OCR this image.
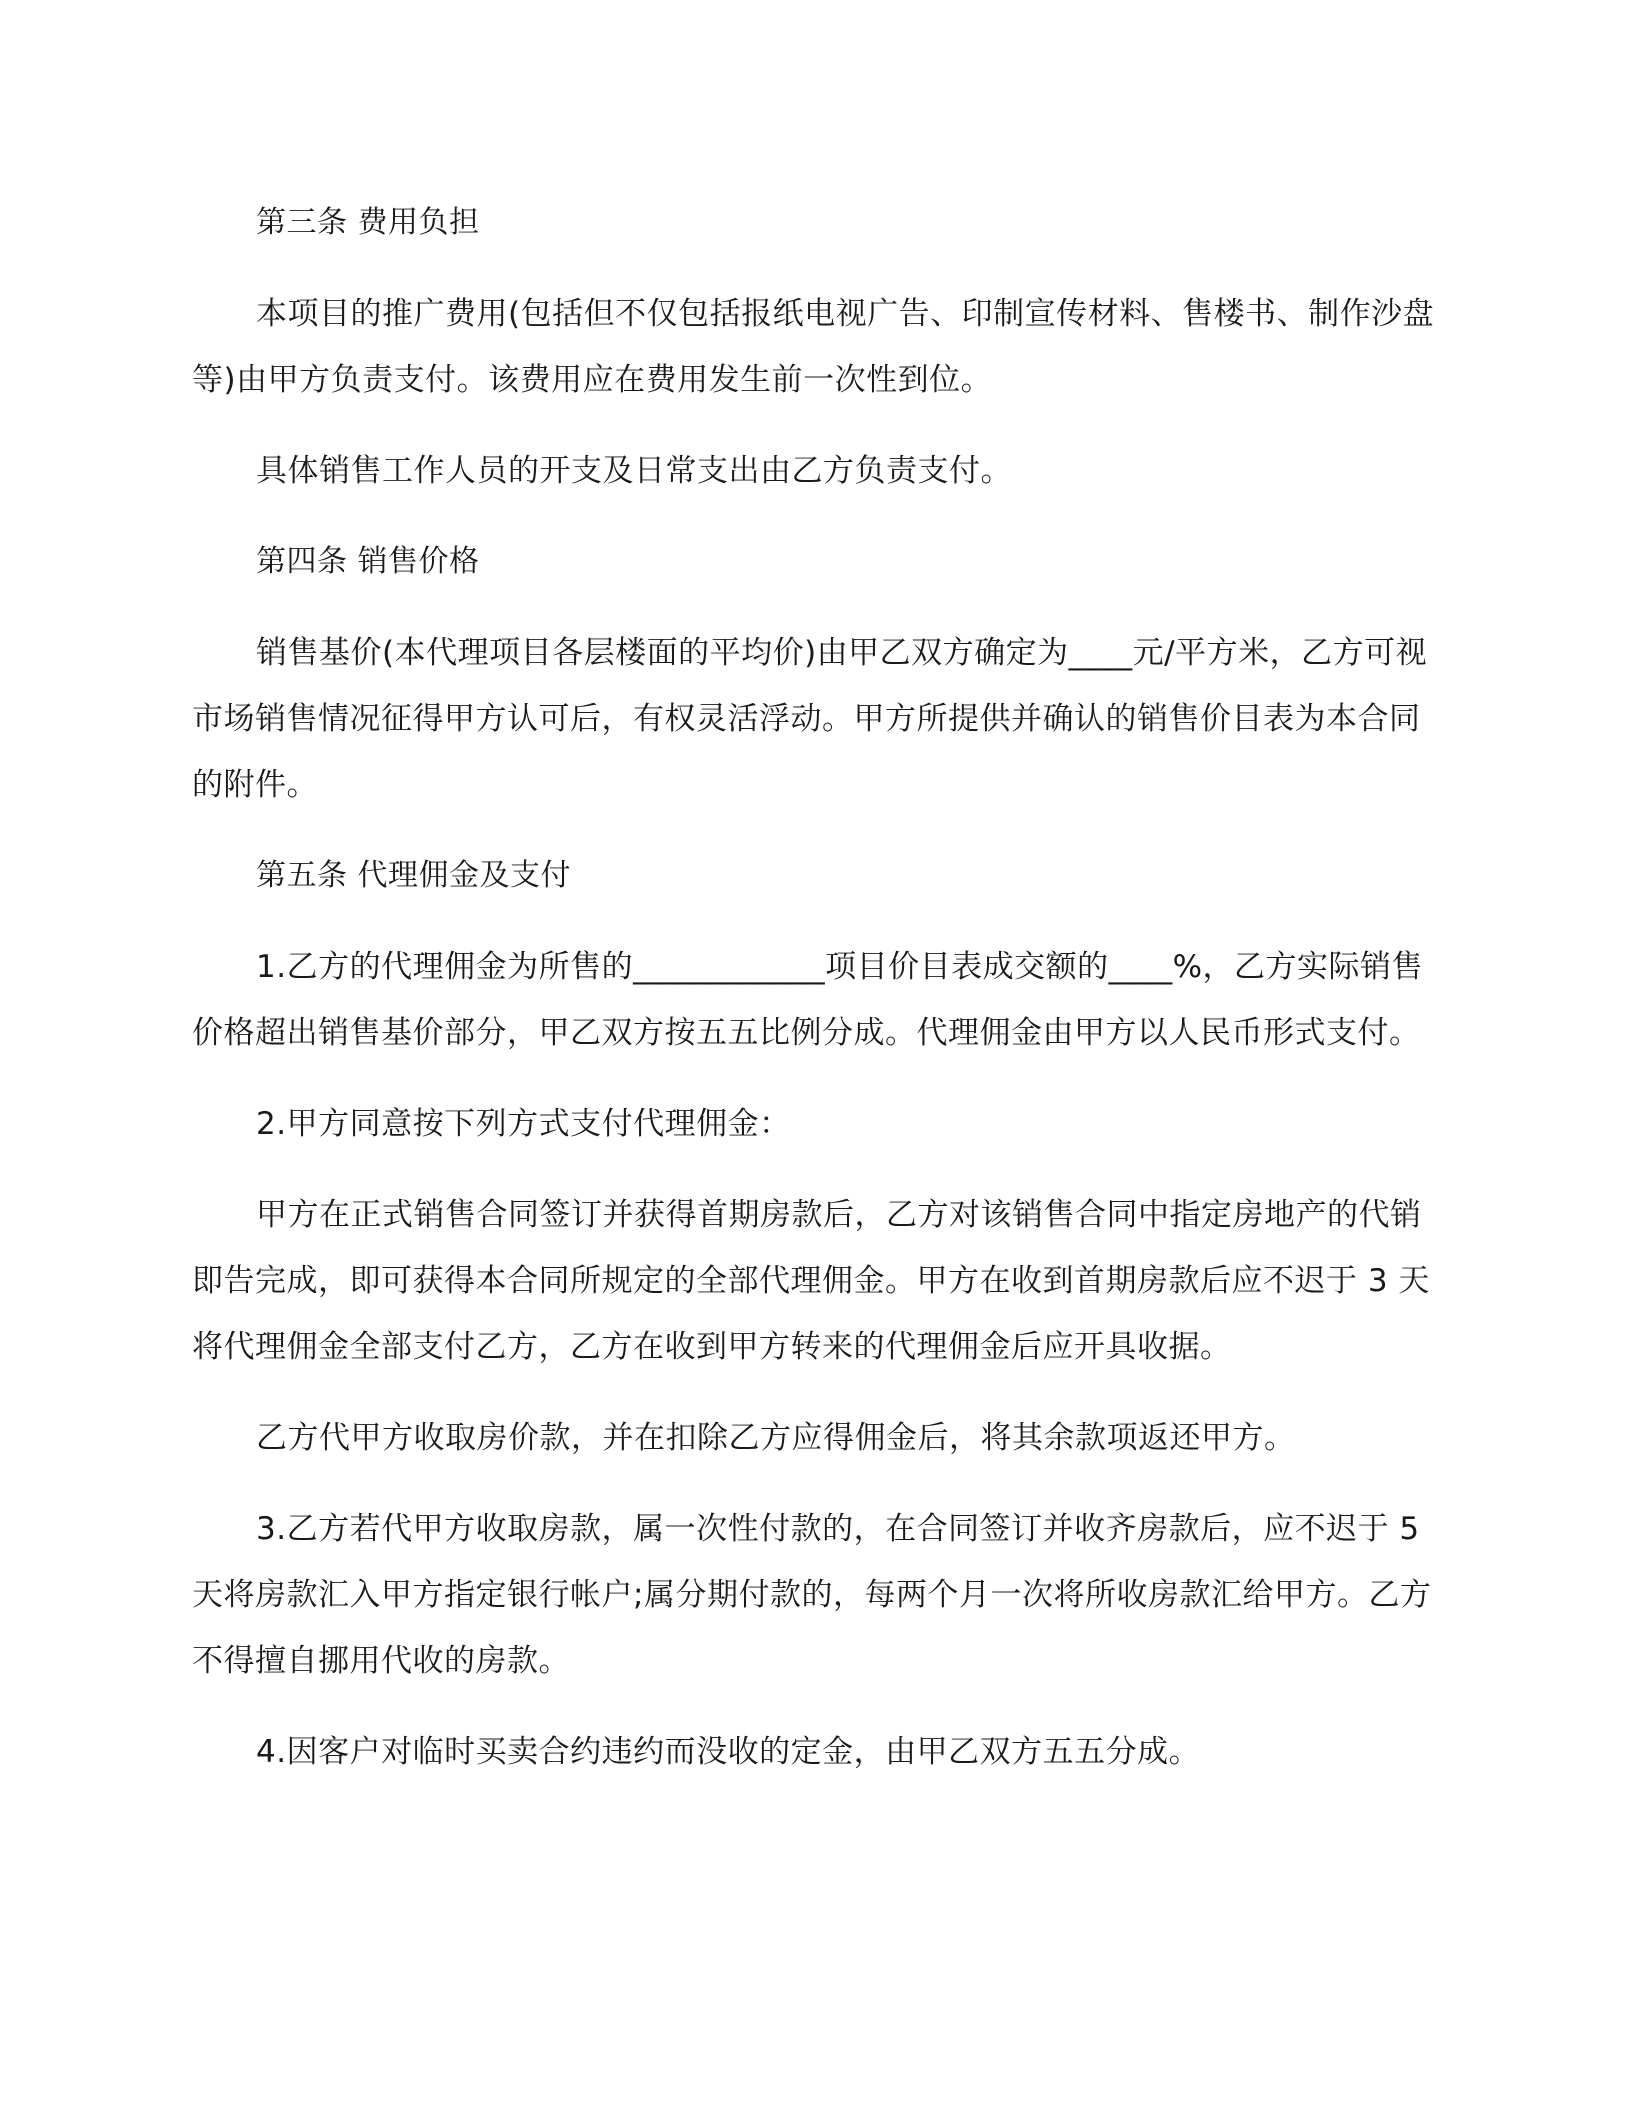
第三条 费用负担

本项目的推广费用(包括但不仅包括报纸电视广告、印制宣传材料、售楼书、制作沙盘等)由甲方负责支付。该费用应在费用发生前一次性到位。

具体销售工作人员的开支及日常支出由乙方负责支付。

第四条 销售价格

销售基价(本代理项目各层楼面的平均价)由甲乙双方确定为____元/平方米，乙方可视市场销售情况征得甲方认可后，有权灵活浮动。甲方所提供并确认的销售价目表为本合同的附件。

第五条 代理佣金及支付

1.乙方的代理佣金为所售的____________项目价目表成交额的____%，乙方实际销售价格超出销售基价部分，甲乙双方按五五比例分成。代理佣金由甲方以人民币形式支付。

2.甲方同意按下列方式支付代理佣金：

甲方在正式销售合同签订并获得首期房款后，乙方对该销售合同中指定房地产的代销即告完成，即可获得本合同所规定的全部代理佣金。甲方在收到首期房款后应不迟于 3 天将代理佣金全部支付乙方，乙方在收到甲方转来的代理佣金后应开具收据。

乙方代甲方收取房价款，并在扣除乙方应得佣金后，将其余款项返还甲方。

3.乙方若代甲方收取房款，属一次性付款的，在合同签订并收齐房款后，应不迟于 5 天将房款汇入甲方指定银行帐户;属分期付款的，每两个月一次将所收房款汇给甲方。乙方不得擅自挪用代收的房款。

4.因客户对临时买卖合约违约而没收的定金，由甲乙双方五五分成。
